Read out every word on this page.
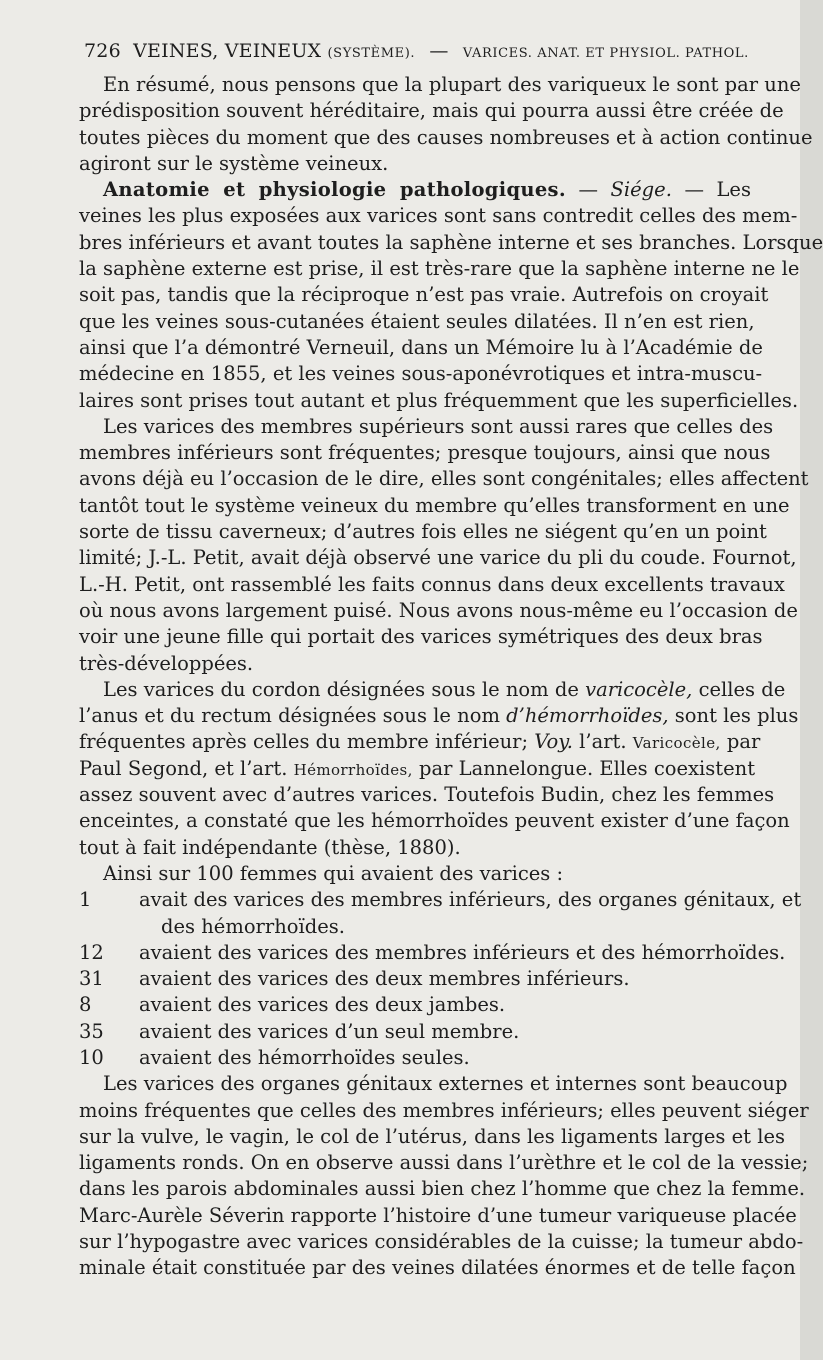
726 VEINES, VEINEUX (SYSTÈME). — VARICES. ANAT. ET PHYSIOL. PATHOL.
En résumé, nous pensons que la plupart des variqueux le sont par une
prédisposition souvent héréditaire, mais qui pourra aussi être créée de
toutes pièces du moment que des causes nombreuses et à action continue
agiront sur le système veineux.
Anatomie et physiologie pathologiques. — Siége. — Les
veines les plus exposées aux varices sont sans contredit celles des mem-
bres inférieurs et avant toutes la saphène interne et ses branches. Lorsque
la saphène externe est prise, il est très-rare que la saphène interne ne le
soit pas, tandis que la réciproque n’est pas vraie. Autrefois on croyait
que les veines sous-cutanées étaient seules dilatées. Il n’en est rien,
ainsi que l’a démontré Verneuil, dans un Mémoire lu à l’Académie de
médecine en 1855, et les veines sous-aponévrotiques et intra-muscu-
laires sont prises tout autant et plus fréquemment que les superficielles.
Les varices des membres supérieurs sont aussi rares que celles des
membres inférieurs sont fréquentes; presque toujours, ainsi que nous
avons déjà eu l’occasion de le dire, elles sont congénitales; elles affectent
tantôt tout le système veineux du membre qu’elles transforment en une
sorte de tissu caverneux; d’autres fois elles ne siégent qu’en un point
limité; J.-L. Petit, avait déjà observé une varice du pli du coude. Fournot,
L.-H. Petit, ont rassemblé les faits connus dans deux excellents travaux
où nous avons largement puisé. Nous avons nous-même eu l’occasion de
voir une jeune fille qui portait des varices symétriques des deux bras
très-développées.
Les varices du cordon désignées sous le nom de varicocèle, celles de
l’anus et du rectum désignées sous le nom d’hémorrhoïdes, sont les plus
fréquentes après celles du membre inférieur; Voy. l’art. Varicocèle, par
Paul Segond, et l’art. Hémorrhoïdes, par Lannelongue. Elles coexistent
assez souvent avec d’autres varices. Toutefois Budin, chez les femmes
enceintes, a constaté que les hémorrhoïdes peuvent exister d’une façon
tout à fait indépendante (thèse, 1880).
Ainsi sur 100 femmes qui avaient des varices :
1 avait des varices des membres inférieurs, des organes génitaux, et
des hémorrhoïdes.
12 avaient des varices des membres inférieurs et des hémorrhoïdes.
31 avaient des varices des deux membres inférieurs.
8 avaient des varices des deux jambes.
35 avaient des varices d’un seul membre.
10 avaient des hémorrhoïdes seules.
Les varices des organes génitaux externes et internes sont beaucoup
moins fréquentes que celles des membres inférieurs; elles peuvent siéger
sur la vulve, le vagin, le col de l’utérus, dans les ligaments larges et les
ligaments ronds. On en observe aussi dans l’urèthre et le col de la vessie;
dans les parois abdominales aussi bien chez l’homme que chez la femme.
Marc-Aurèle Séverin rapporte l’histoire d’une tumeur variqueuse placée
sur l’hypogastre avec varices considérables de la cuisse; la tumeur abdo-
minale était constituée par des veines dilatées énormes et de telle façon
